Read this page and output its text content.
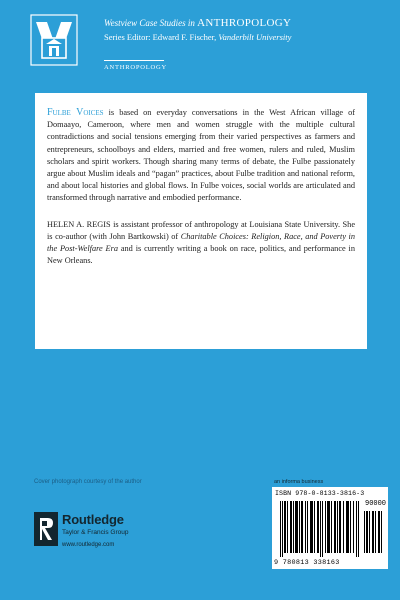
Westview Case Studies in ANTHROPOLOGY
Series Editor: Edward F. Fischer, Vanderbilt University
ANTHROPOLOGY

Fulbe Voices is based on everyday conversations in the West African village of Domaayo, Cameroon, where men and women struggle with the multiple cultural contradictions and social tensions emerging from their varied perspectives as farmers and entrepreneurs, schoolboys and elders, married and free women, rulers and ruled, Muslim scholars and spirit workers. Though sharing many terms of debate, the Fulbe passionately argue about Muslim ideals and “pagan” practices, about Fulbe tradition and national reform, and about local histories and global flows. In Fulbe voices, social worlds are articulated and transformed through narrative and embodied performance.

HELEN A. REGIS is assistant professor of anthropology at Louisiana State University. She is co-author (with John Bartkowski) of Charitable Choices: Religion, Race, and Poverty in the Post-Welfare Era and is currently writing a book on race, politics, and performance in New Orleans.

Cover photograph courtesy of the author
Routledge
Taylor & Francis Group
www.routledge.com
an informa business
ISBN 978-0-8133-3816-3
90000
9 780813 338163
